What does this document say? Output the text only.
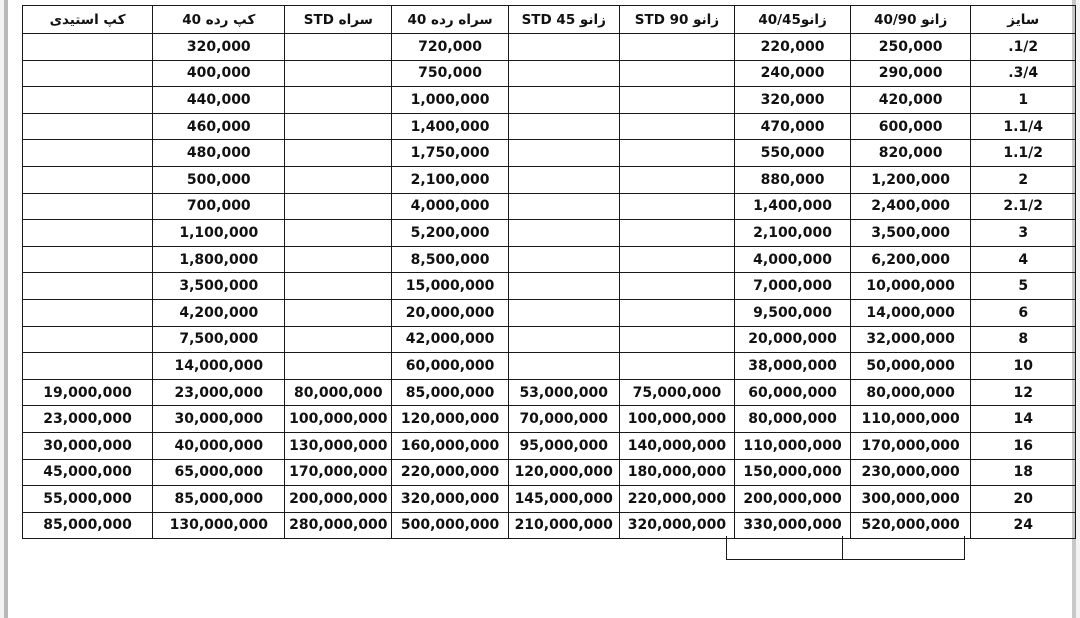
سایز	زانو 40/90	زانو40/45	زانو 90 STD	زانو 45 STD	سراه رده 40	سراه STD	کپ رده 40	کپ استیدی
1/2.	250,000	220,000			720,000		320,000	
3/4.	290,000	240,000			750,000		400,000	
1	420,000	320,000			1,000,000		440,000	
1.1/4	600,000	470,000			1,400,000		460,000	
1.1/2	820,000	550,000			1,750,000		480,000	
2	1,200,000	880,000			2,100,000		500,000	
2.1/2	2,400,000	1,400,000			4,000,000		700,000	
3	3,500,000	2,100,000			5,200,000		1,100,000	
4	6,200,000	4,000,000			8,500,000		1,800,000	
5	10,000,000	7,000,000			15,000,000		3,500,000	
6	14,000,000	9,500,000			20,000,000		4,200,000	
8	32,000,000	20,000,000			42,000,000		7,500,000	
10	50,000,000	38,000,000			60,000,000		14,000,000	
12	80,000,000	60,000,000	75,000,000	53,000,000	85,000,000	80,000,000	23,000,000	19,000,000
14	110,000,000	80,000,000	100,000,000	70,000,000	120,000,000	100,000,000	30,000,000	23,000,000
16	170,000,000	110,000,000	140,000,000	95,000,000	160,000,000	130,000,000	40,000,000	30,000,000
18	230,000,000	150,000,000	180,000,000	120,000,000	220,000,000	170,000,000	65,000,000	45,000,000
20	300,000,000	200,000,000	220,000,000	145,000,000	320,000,000	200,000,000	85,000,000	55,000,000
24	520,000,000	330,000,000	320,000,000	210,000,000	500,000,000	280,000,000	130,000,000	85,000,000
